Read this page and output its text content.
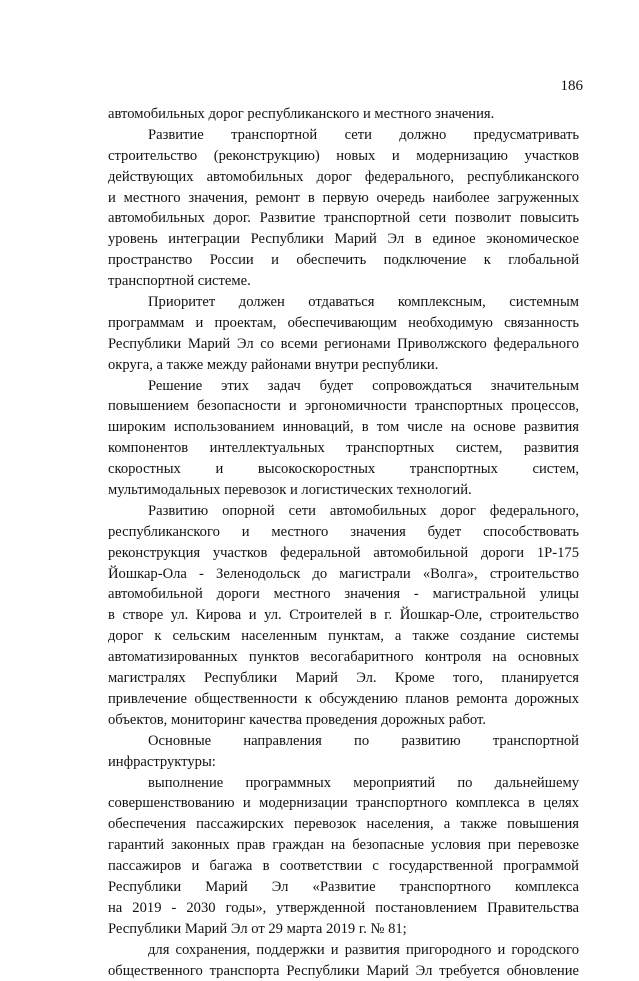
186
автомобильных дорог республиканского и местного значения.
Развитие транспортной сети должно предусматривать
строительство (реконструкцию) новых и модернизацию участков
действующих автомобильных дорог федерального, республиканского
и местного значения, ремонт в первую очередь наиболее загруженных
автомобильных дорог. Развитие транспортной сети позволит повысить
уровень интеграции Республики Марий Эл в единое экономическое
пространство России и обеспечить подключение к глобальной
транспортной системе.
Приоритет должен отдаваться комплексным, системным
программам и проектам, обеспечивающим необходимую связанность
Республики Марий Эл со всеми регионами Приволжского федерального
округа, а также между районами внутри республики.
Решение этих задач будет сопровождаться значительным
повышением безопасности и эргономичности транспортных процессов,
широким использованием инноваций, в том числе на основе развития
компонентов интеллектуальных транспортных систем, развития
скоростных и высокоскоростных транспортных систем,
мультимодальных перевозок и логистических технологий.
Развитию опорной сети автомобильных дорог федерального,
республиканского и местного значения будет способствовать
реконструкция участков федеральной автомобильной дороги 1Р-175
Йошкар-Ола - Зеленодольск до магистрали «Волга», строительство
автомобильной дороги местного значения - магистральной улицы
в створе ул. Кирова и ул. Строителей в г. Йошкар-Оле, строительство
дорог к сельским населенным пунктам, а также создание системы
автоматизированных пунктов весогабаритного контроля на основных
магистралях Республики Марий Эл. Кроме того, планируется
привлечение общественности к обсуждению планов ремонта дорожных
объектов, мониторинг качества проведения дорожных работ.
Основные направления по развитию транспортной
инфраструктуры:
выполнение программных мероприятий по дальнейшему
совершенствованию и модернизации транспортного комплекса в целях
обеспечения пассажирских перевозок населения, а также повышения
гарантий законных прав граждан на безопасные условия при перевозке
пассажиров и багажа в соответствии с государственной программой
Республики Марий Эл «Развитие транспортного комплекса
на 2019 - 2030 годы», утвержденной постановлением Правительства
Республики Марий Эл от 29 марта 2019 г. № 81;
для сохранения, поддержки и развития пригородного и городского
общественного транспорта Республики Марий Эл требуется обновление
